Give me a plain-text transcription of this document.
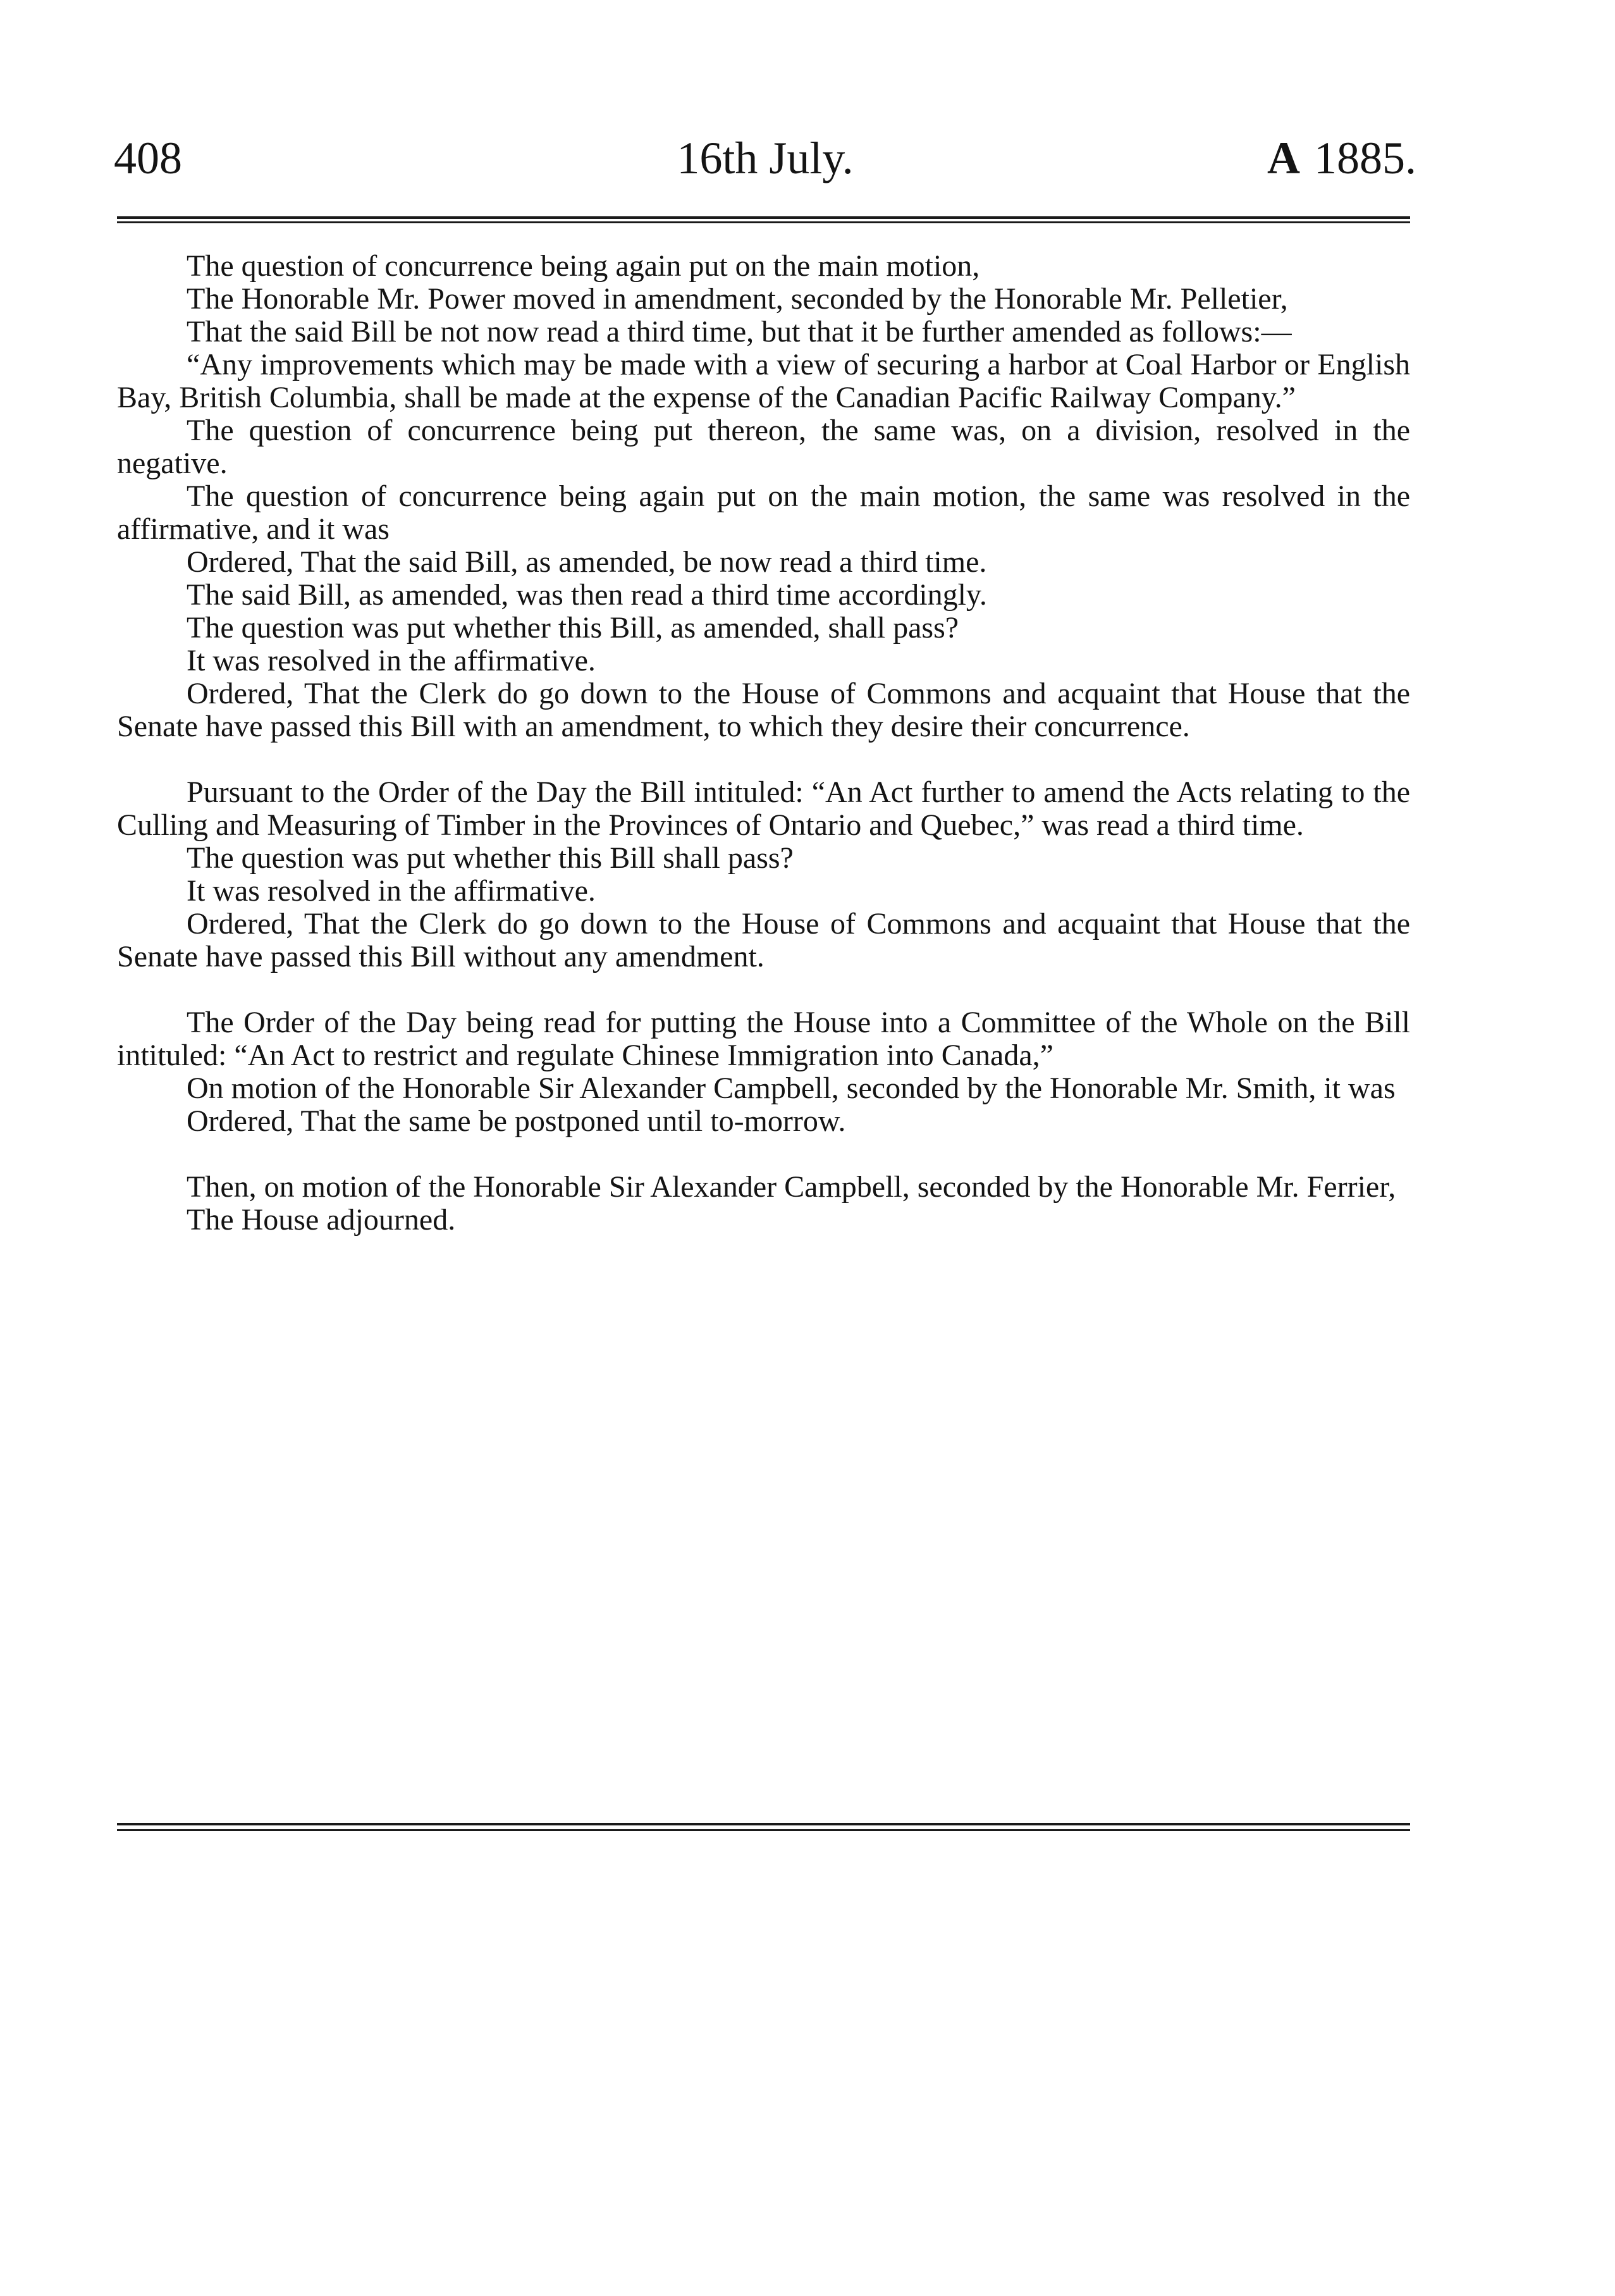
408	16th July.	A 1885.

The question of concurrence being again put on the main motion,

The Honorable Mr. Power moved in amendment, seconded by the Honorable Mr. Pelletier,

That the said Bill be not now read a third time, but that it be further amended as follows:—

“Any improvements which may be made with a view of securing a harbor at Coal Harbor or English Bay, British Columbia, shall be made at the expense of the Canadian Pacific Railway Company.”

The question of concurrence being put thereon, the same was, on a division, resolved in the negative.

The question of concurrence being again put on the main motion, the same was resolved in the affirmative, and it was

Ordered, That the said Bill, as amended, be now read a third time.

The said Bill, as amended, was then read a third time accordingly.

The question was put whether this Bill, as amended, shall pass?

It was resolved in the affirmative.

Ordered, That the Clerk do go down to the House of Commons and acquaint that House that the Senate have passed this Bill with an amendment, to which they desire their concurrence.

Pursuant to the Order of the Day the Bill intituled: “An Act further to amend the Acts relating to the Culling and Measuring of Timber in the Provinces of Ontario and Quebec,” was read a third time.

The question was put whether this Bill shall pass?

It was resolved in the affirmative.

Ordered, That the Clerk do go down to the House of Commons and acquaint that House that the Senate have passed this Bill without any amendment.

The Order of the Day being read for putting the House into a Committee of the Whole on the Bill intituled: “An Act to restrict and regulate Chinese Immigration into Canada,”

On motion of the Honorable Sir Alexander Campbell, seconded by the Honorable Mr. Smith, it was

Ordered, That the same be postponed until to-morrow.

Then, on motion of the Honorable Sir Alexander Campbell, seconded by the Honorable Mr. Ferrier,

The House adjourned.
